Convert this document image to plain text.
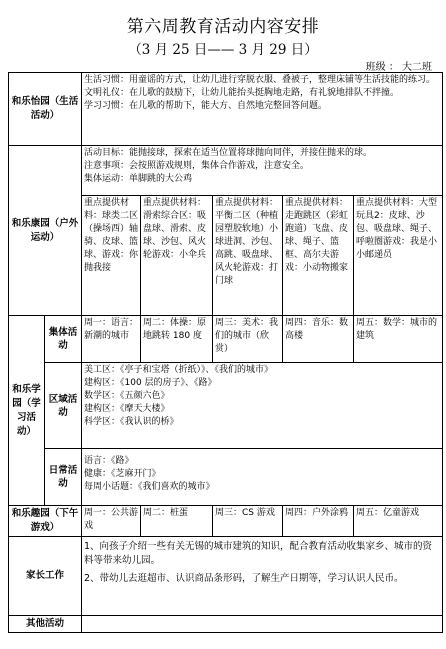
第六周教育活动内容安排
（3 月 25 日—— 3 月 29 日）
班级 ： 大二班
和乐怡园（生活活动）		生活习惯：用童谣的方式，让幼儿进行穿脱衣服、叠被子，整理床铺等生活技能的练习。
文明礼仪：在儿歌的鼓励下，让幼儿能抬头挺胸地走路，有礼貌地排队不拌撞。
学习习惯：在儿歌的帮助下，能大方、自然地完整回答问题。				

和乐康园（户外运动）		活动目标：能抛接球，探索在适当位置将球抛向同伴，并接住抛来的球。
注意事项：会按照游戏规则，集体合作游戏，注意安全。
集体运动：单脚跳的大公鸡				

		重点提供材料：球类二区（操场西）轴骑、皮球、篮球、游戏：你抛我接	重点提供材料：滑索综合区：吸盘球、滑索、皮球、沙包、风火轮游戏：小伞兵	重点提供材料：平衡二区（种植园塑胶软地）小球进洞、沙包、高跳、吸盘球、风火轮游戏：打门球	重点提供材料：走跑跳区（彩虹跑道）飞盘、皮球、绳子、篮框、高尔夫游戏：小动物搬家	重点提供材料：大型玩具2：皮球、沙包、吸盘球、绳子、呼啦圈游戏：我是小小邮递员

和乐学园（学习活动）	集体活动	周一：语言：新潮的城市	周二：体操：原地跳转 180 度	周三：美术：我们的城市（欣赏）	周四：音乐：数高楼	周五：数学：城市的建筑
	区域活动	美工区：《亭子和宝塔（折纸）》、《我们的城市》
建构区：《100 层的房子》、《路》
数学区：《五颜六色》
建构区：《摩天大楼》
科学区：《我认识的桥》				

	日常活动	语言：《路》
健康：《芝麻开门》
每周小话题：《我们喜欢的城市》				

和乐趣园（下午游戏）		周一：公共游戏	周二：桩蛋	周三：CS 游戏	周四：户外涂鸦	周五：亿童游戏
家长工作		1、向孩子介绍一些有关无锡的城市建筑的知识，配合教育活动收集家乡、城市的资料等带来幼儿园。
2、带幼儿去逛超市、认识商品条形码，了解生产日期等，学习认识人民币。				

其他活动						
